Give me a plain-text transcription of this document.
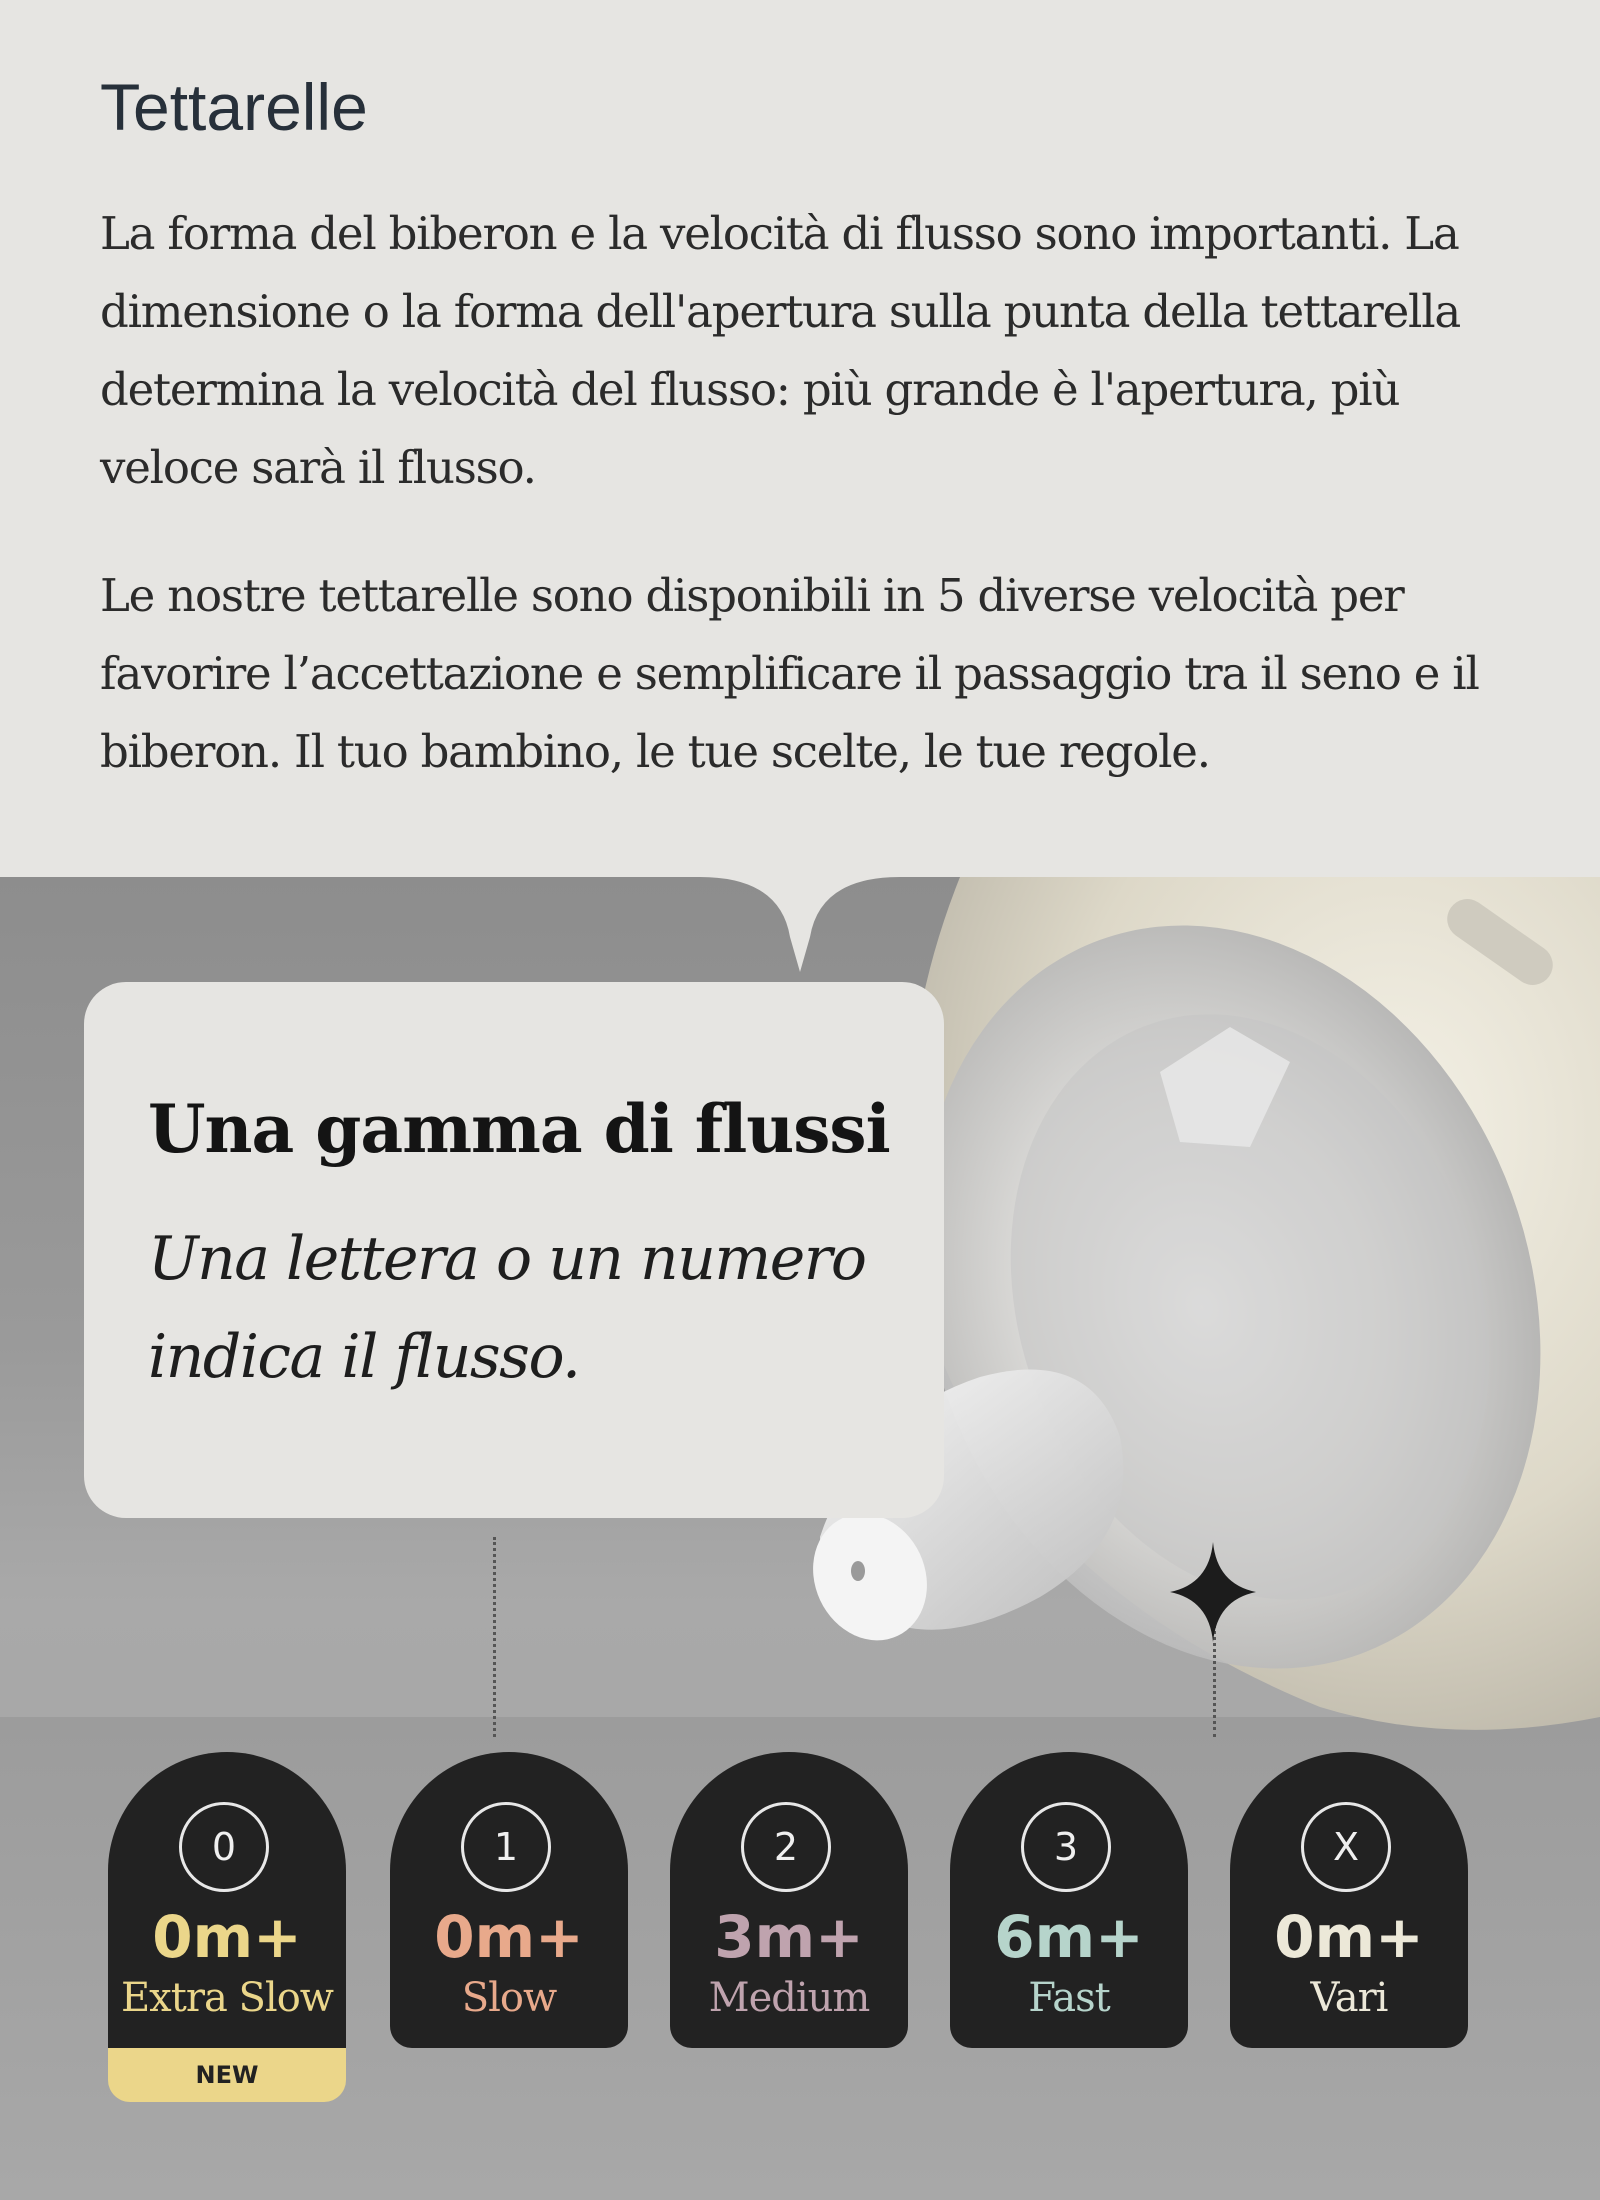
Tettarelle

La forma del biberon e la velocità di flusso sono importanti. La dimensione o la forma dell'apertura sulla punta della tettarella determina la velocità del flusso: più grande è l'apertura, più veloce sarà il flusso.

Le nostre tettarelle sono disponibili in 5 diverse velocità per favorire l’accettazione e semplificare il passaggio tra il seno e il biberon. Il tuo bambino, le tue scelte, le tue regole.

Una gamma di flussi

Una lettera o un numero indica il flusso.

0
0m+
Extra Slow
1
0m+
Slow
2
3m+
Medium
3
6m+
Fast
X
0m+
Vari
NEW
